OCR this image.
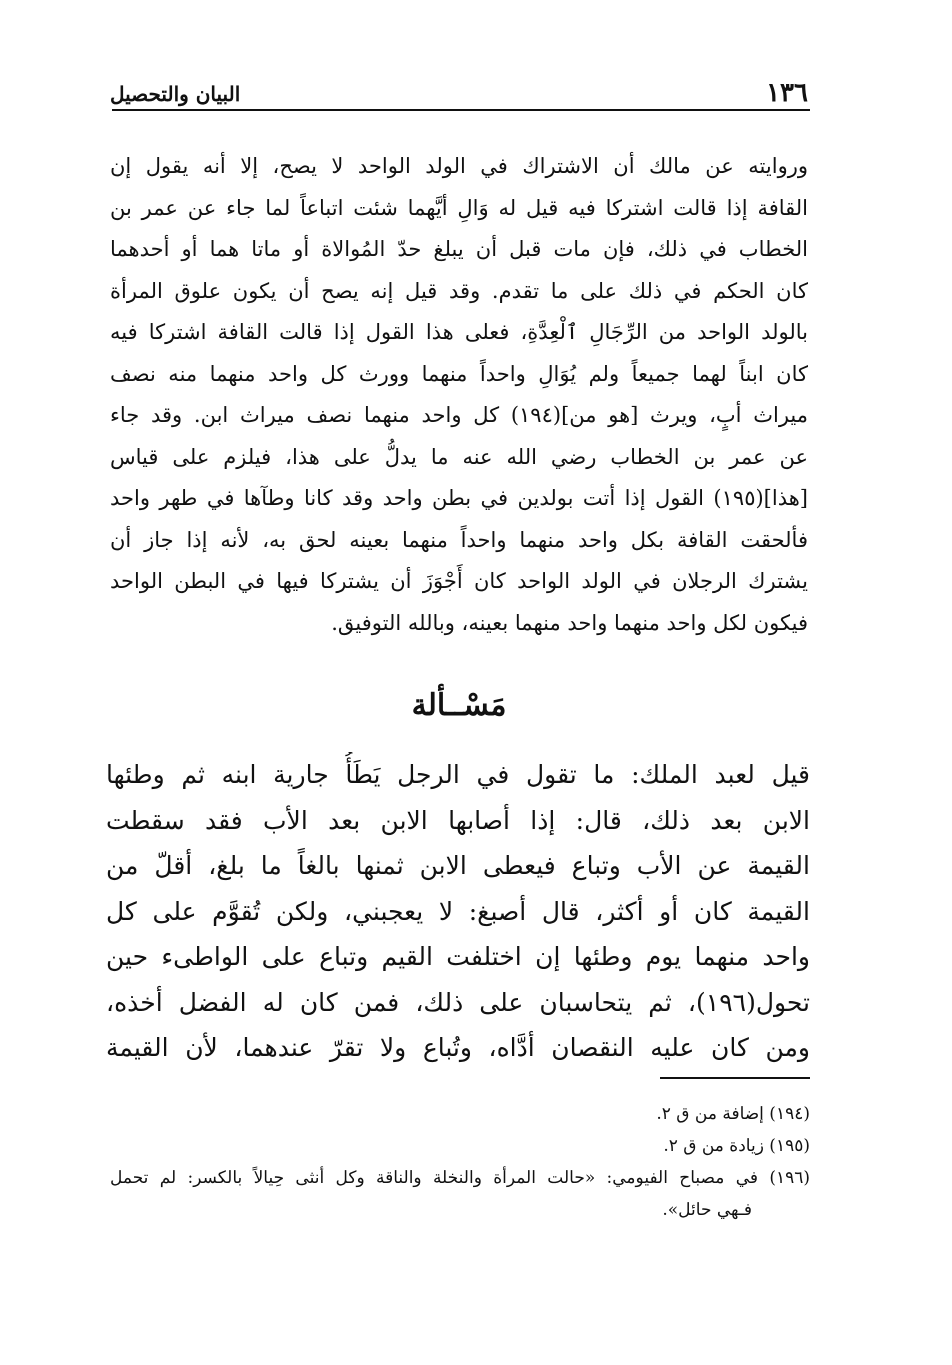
١٣٦
البيان والتحصيل
وروايته عن مالك أن الاشتراك في الولد الواحد لا يصح، إلا أنه يقول إن
القافة إذا قالت اشتركا فيه قيل له وَالِ أيَّهما شئت اتباعاً لما جاء عن عمر بن
الخطاب في ذلك، فإن مات قبل أن يبلغ حدّ المُوالاة أو ماتا هما أو أحدهما
كان الحكم في ذلك على ما تقدم. وقد قيل إنه يصح أن يكون علوق المرأة
بالولد الواحد من الرِّجَالِ ٱلْعِدَّةِ، فعلى هذا القول إذا قالت القافة اشتركا فيه
كان ابناً لهما جميعاً ولم يُوَالِ واحداً منهما وورث كل واحد منهما منه نصف
ميراث أبٍ، ويرث [هو من](١٩٤) كل واحد منهما نصف ميراث ابن. وقد جاء
عن عمر بن الخطاب رضي الله عنه ما يدلُّ على هذا، فيلزم على قياس
[هذا](١٩٥) القول إذا أتت بولدين في بطن واحد وقد كانا وطآها في طهر واحد
فألحقت القافة بكل واحد منهما واحداً منهما بعينه لحق به، لأنه إذا جاز أن
يشترك الرجلان في الولد الواحد كان أَجْوَزَ أن يشتركا فيها في البطن الواحد
فيكون لكل واحد منهما واحد منهما بعينه، وبالله التوفيق.
مَسْــألة
قيل لعبد الملك: ما تقول في الرجل يَطَأُ جارية ابنه ثم وطئها
الابن بعد ذلك، قال: إذا أصابها الابن بعد الأب فقد سقطت
القيمة عن الأب وتباع فيعطى الابن ثمنها بالغاً ما بلغ، أقلّ من
القيمة كان أو أكثر، قال أصبغ: لا يعجبني، ولكن تُقوَّم على كل
واحد منهما يوم وطئها إن اختلفت القيم وتباع على الواطىء حين
تحول(١٩٦)، ثم يتحاسبان على ذلك، فمن كان له الفضل أخذه،
ومن كان عليه النقصان أدَّاه، وتُباع ولا تقرّ عندهما، لأن القيمة
(١٩٤) إضافة من ق ٢.
(١٩٥) زيادة من ق ٢.
(١٩٦) في مصباح الفيومي: «حالت المرأة والنخلة والناقة وكل أنثى حِيالاً بالكسر: لم تحمل
فـهي حائل».
